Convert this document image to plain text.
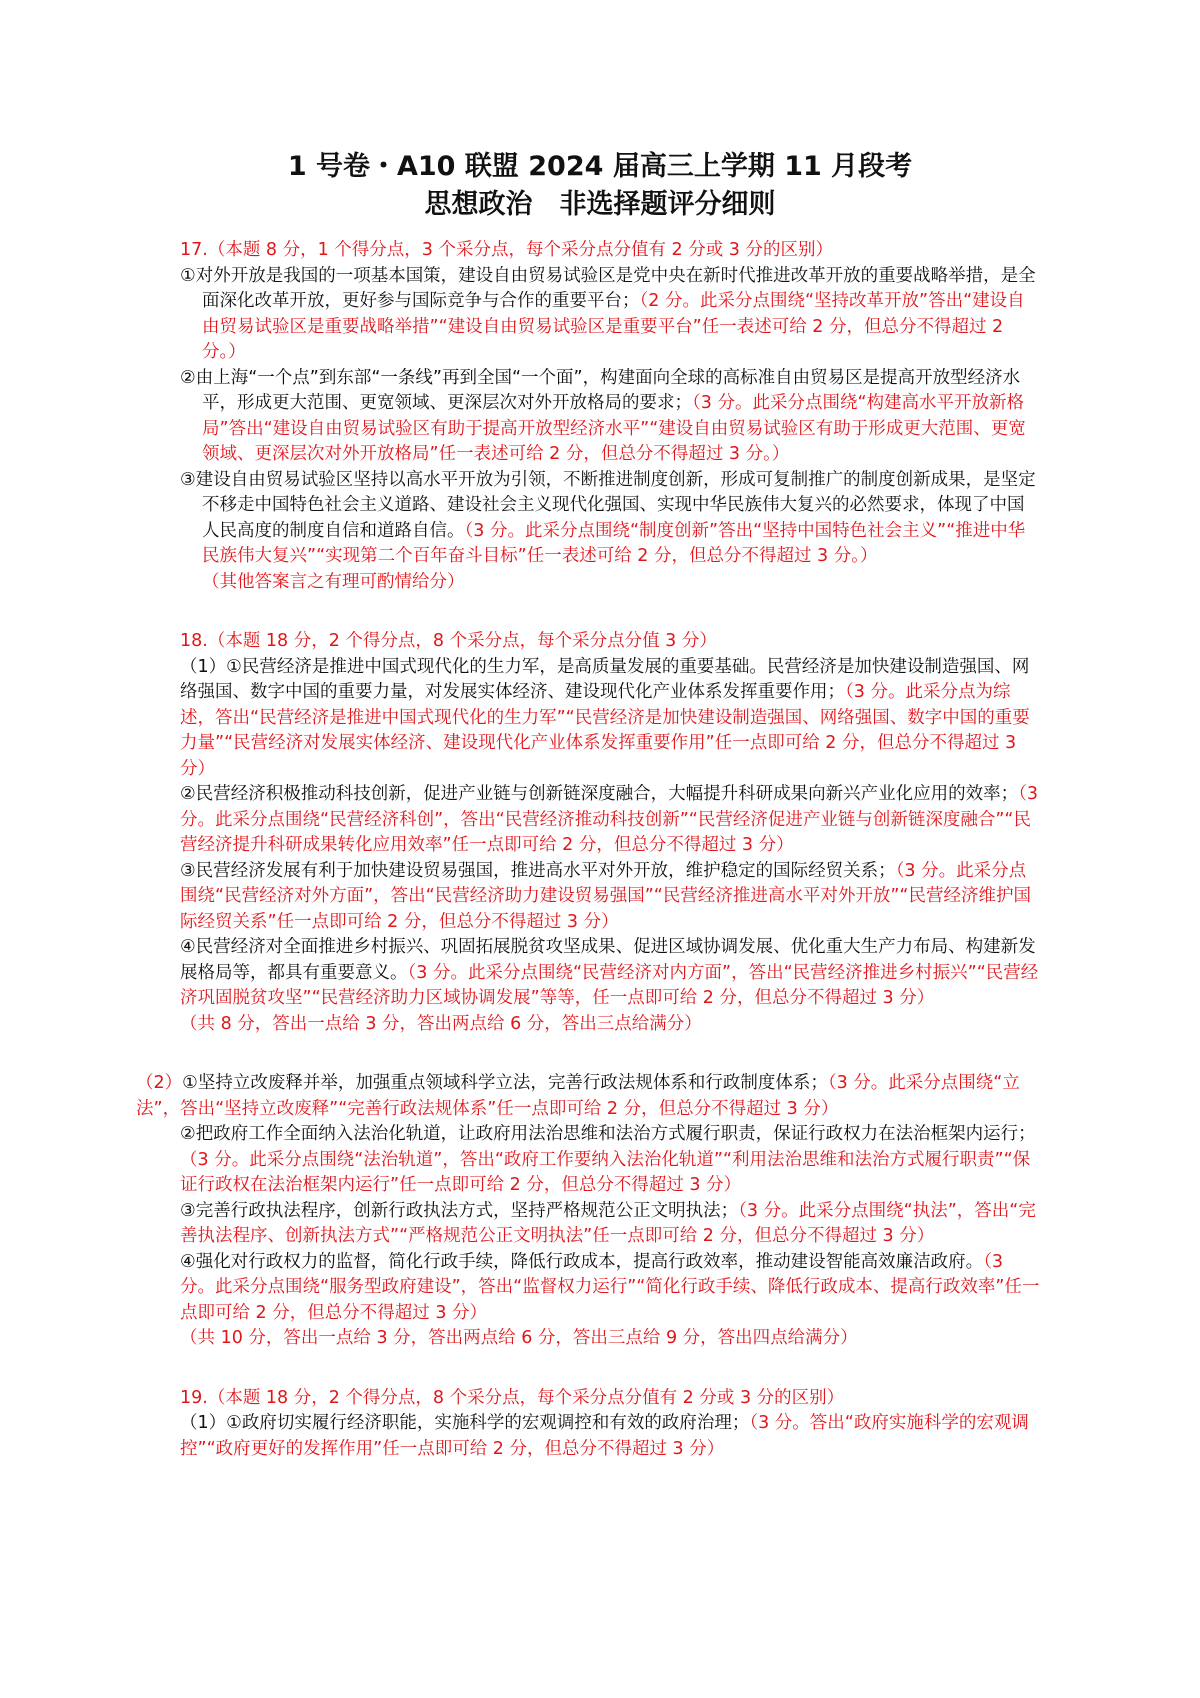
1 号卷・A10 联盟 2024 届高三上学期 11 月段考
思想政治　非选择题评分细则

17.（本题 8 分，1 个得分点，3 个采分点，每个采分点分值有 2 分或 3 分的区别）

①对外开放是我国的一项基本国策，建设自由贸易试验区是党中央在新时代推进改革开放的重要战略举措，是全面深化改革开放，更好参与国际竞争与合作的重要平台；（2 分。此采分点围绕“坚持改革开放”答出“建设自由贸易试验区是重要战略举措”“建设自由贸易试验区是重要平台”任一表述可给 2 分，但总分不得超过 2 分。）

②由上海“一个点”到东部“一条线”再到全国“一个面”，构建面向全球的高标准自由贸易区是提高开放型经济水平，形成更大范围、更宽领域、更深层次对外开放格局的要求；（3 分。此采分点围绕“构建高水平开放新格局”答出“建设自由贸易试验区有助于提高开放型经济水平”“建设自由贸易试验区有助于形成更大范围、更宽领域、更深层次对外开放格局”任一表述可给 2 分，但总分不得超过 3 分。）

③建设自由贸易试验区坚持以高水平开放为引领，不断推进制度创新，形成可复制推广的制度创新成果，是坚定不移走中国特色社会主义道路、建设社会主义现代化强国、实现中华民族伟大复兴的必然要求，体现了中国人民高度的制度自信和道路自信。（3 分。此采分点围绕“制度创新”答出“坚持中国特色社会主义”“推进中华民族伟大复兴”“实现第二个百年奋斗目标”任一表述可给 2 分，但总分不得超过 3 分。）

（其他答案言之有理可酌情给分）

18.（本题 18 分，2 个得分点，8 个采分点，每个采分点分值 3 分）

（1）①民营经济是推进中国式现代化的生力军，是高质量发展的重要基础。民营经济是加快建设制造强国、网络强国、数字中国的重要力量，对发展实体经济、建设现代化产业体系发挥重要作用；（3 分。此采分点为综述，答出“民营经济是推进中国式现代化的生力军”“民营经济是加快建设制造强国、网络强国、数字中国的重要力量”“民营经济对发展实体经济、建设现代化产业体系发挥重要作用”任一点即可给 2 分，但总分不得超过 3 分）

②民营经济积极推动科技创新，促进产业链与创新链深度融合，大幅提升科研成果向新兴产业化应用的效率；（3 分。此采分点围绕“民营经济科创”，答出“民营经济推动科技创新”“民营经济促进产业链与创新链深度融合”“民营经济提升科研成果转化应用效率”任一点即可给 2 分，但总分不得超过 3 分）

③民营经济发展有利于加快建设贸易强国，推进高水平对外开放，维护稳定的国际经贸关系；（3 分。此采分点围绕“民营经济对外方面”，答出“民营经济助力建设贸易强国”“民营经济推进高水平对外开放”“民营经济维护国际经贸关系”任一点即可给 2 分，但总分不得超过 3 分）

④民营经济对全面推进乡村振兴、巩固拓展脱贫攻坚成果、促进区域协调发展、优化重大生产力布局、构建新发展格局等，都具有重要意义。（3 分。此采分点围绕“民营经济对内方面”，答出“民营经济推进乡村振兴”“民营经济巩固脱贫攻坚”“民营经济助力区域协调发展”等等，任一点即可给 2 分，但总分不得超过 3 分）

（共 8 分，答出一点给 3 分，答出两点给 6 分，答出三点给满分）

（2）①坚持立改废释并举，加强重点领域科学立法，完善行政法规体系和行政制度体系；（3 分。此采分点围绕“立法”，答出“坚持立改废释”“完善行政法规体系”任一点即可给 2 分，但总分不得超过 3 分）

②把政府工作全面纳入法治化轨道，让政府用法治思维和法治方式履行职责，保证行政权力在法治框架内运行；（3 分。此采分点围绕“法治轨道”，答出“政府工作要纳入法治化轨道”“利用法治思维和法治方式履行职责”“保证行政权在法治框架内运行”任一点即可给 2 分，但总分不得超过 3 分）

③完善行政执法程序，创新行政执法方式，坚持严格规范公正文明执法；（3 分。此采分点围绕“执法”，答出“完善执法程序、创新执法方式”“严格规范公正文明执法”任一点即可给 2 分，但总分不得超过 3 分）

④强化对行政权力的监督，简化行政手续，降低行政成本，提高行政效率，推动建设智能高效廉洁政府。（3 分。此采分点围绕“服务型政府建设”，答出“监督权力运行”“简化行政手续、降低行政成本、提高行政效率”任一点即可给 2 分，但总分不得超过 3 分）

（共 10 分，答出一点给 3 分，答出两点给 6 分，答出三点给 9 分，答出四点给满分）

19.（本题 18 分，2 个得分点，8 个采分点，每个采分点分值有 2 分或 3 分的区别）

（1）①政府切实履行经济职能，实施科学的宏观调控和有效的政府治理；（3 分。答出“政府实施科学的宏观调控”“政府更好的发挥作用”任一点即可给 2 分，但总分不得超过 3 分）
